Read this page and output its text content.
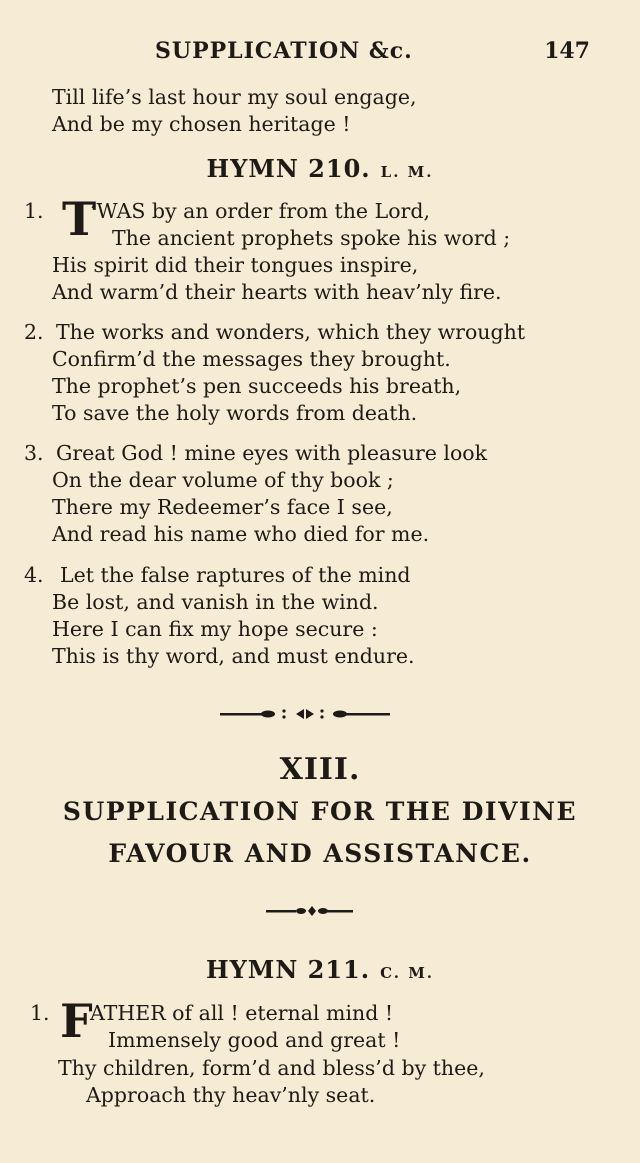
SUPPLICATION &c.	147
Till life’s last hour my soul engage,
And be my chosen heritage !
HYMN 210. L. M.
1. T
’WAS by an order from the Lord,
The ancient prophets spoke his word ;
His spirit did their tongues inspire,
And warm’d their hearts with heav’nly fire.
2. The works and wonders, which they wrought
Confirm’d the messages they brought.
The prophet’s pen succeeds his breath,
To save the holy words from death.
3. Great God ! mine eyes with pleasure look
On the dear volume of thy book ;
There my Redeemer’s face I see,
And read his name who died for me.
4. Let the false raptures of the mind
Be lost, and vanish in the wind.
Here I can fix my hope secure :
This is thy word, and must endure.
XIII.
SUPPLICATION FOR THE DIVINE
FAVOUR AND ASSISTANCE.
HYMN 211. C. M.
1. F
ATHER of all ! eternal mind !
Immensely good and great !
Thy children, form’d and bless’d by thee,
Approach thy heav’nly seat.
